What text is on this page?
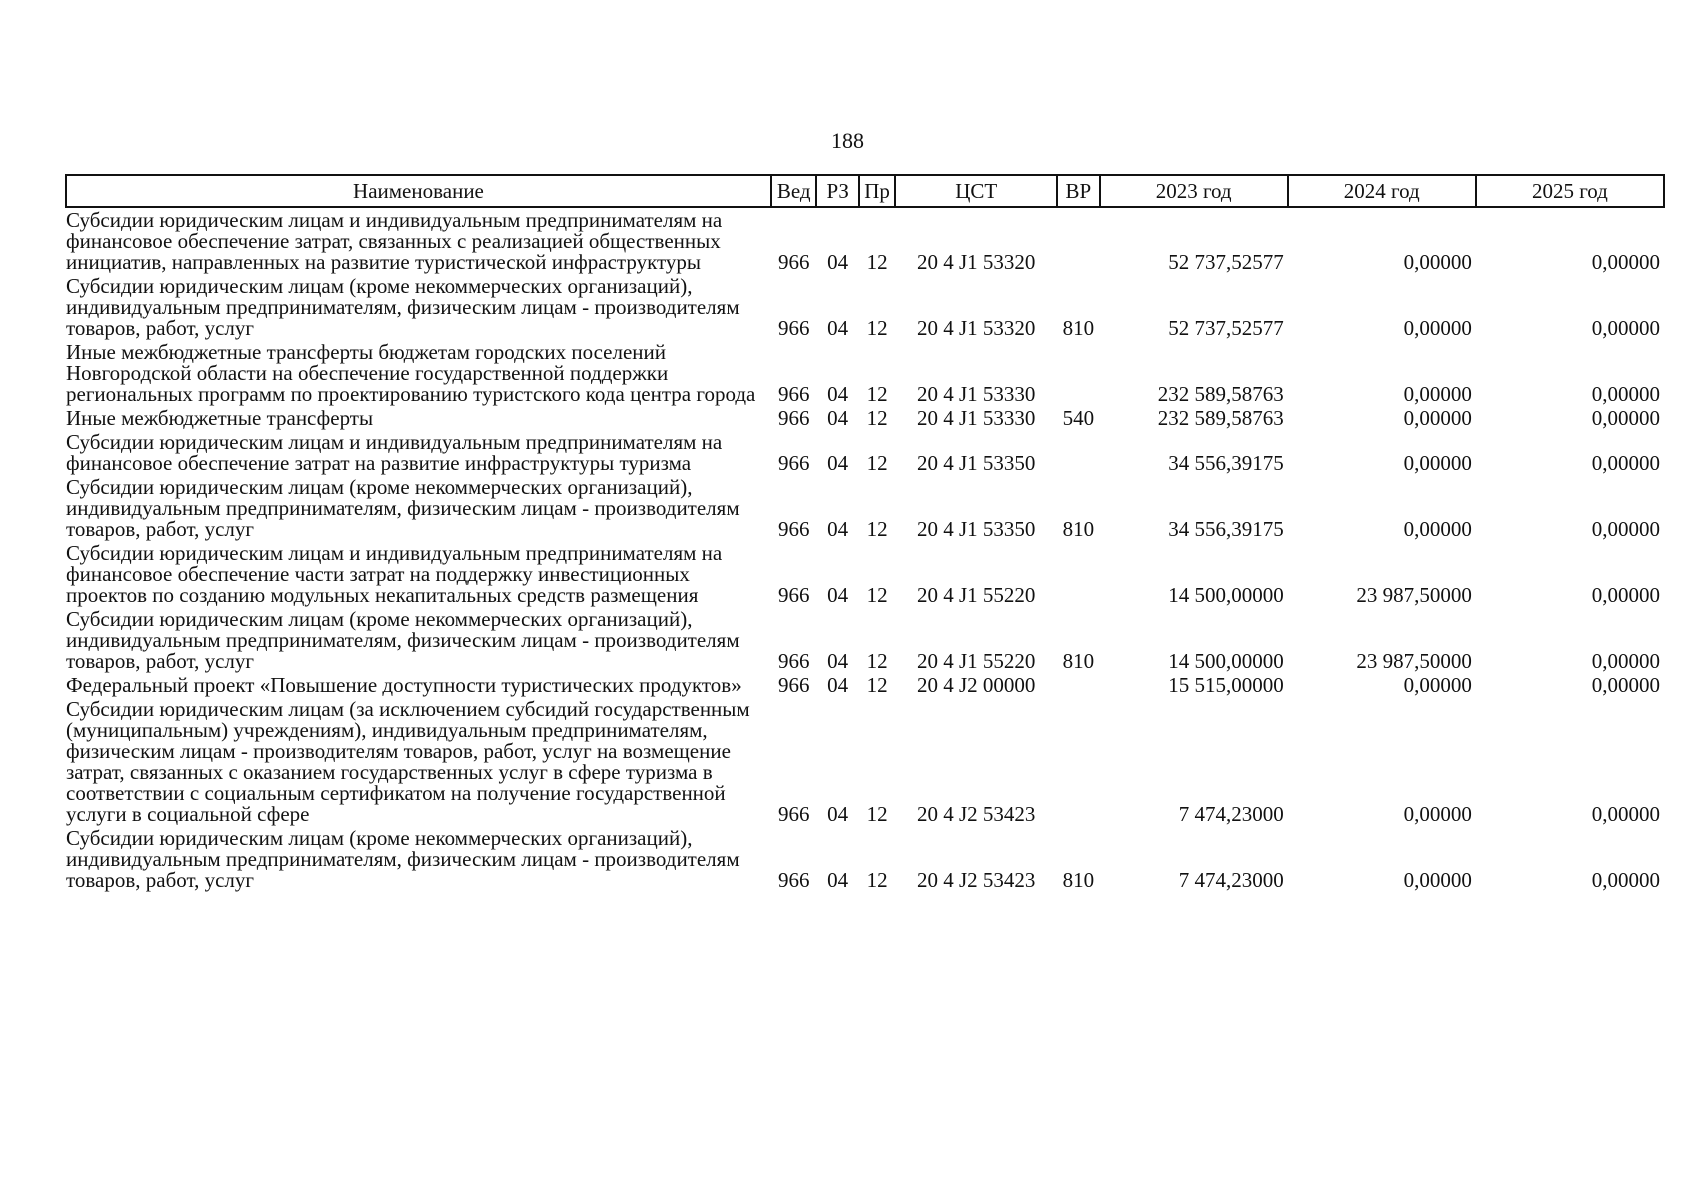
188
Наименование	Вед	РЗ	Пр	ЦСТ	ВР	2023 год	2024 год	2025 год
Субсидии юридическим лицам и индивидуальным предпринимателям на финансовое обеспечение затрат, связанных с реализацией общественных инициатив, направленных на развитие туристической инфраструктуры	966	04	12	20 4 J1 53320		52 737,52577	0,00000	0,00000
Субсидии юридическим лицам (кроме некоммерческих организаций), индивидуальным предпринимателям, физическим лицам - производителям товаров, работ, услуг	966	04	12	20 4 J1 53320	810	52 737,52577	0,00000	0,00000
Иные межбюджетные трансферты бюджетам городских поселений Новгородской области на обеспечение государственной поддержки региональных программ по проектированию туристского кода центра города	966	04	12	20 4 J1 53330		232 589,58763	0,00000	0,00000
Иные межбюджетные трансферты	966	04	12	20 4 J1 53330	540	232 589,58763	0,00000	0,00000
Субсидии юридическим лицам и индивидуальным предпринимателям на финансовое обеспечение затрат на развитие инфраструктуры туризма	966	04	12	20 4 J1 53350		34 556,39175	0,00000	0,00000
Субсидии юридическим лицам (кроме некоммерческих организаций), индивидуальным предпринимателям, физическим лицам - производителям товаров, работ, услуг	966	04	12	20 4 J1 53350	810	34 556,39175	0,00000	0,00000
Субсидии юридическим лицам и индивидуальным предпринимателям на финансовое обеспечение части затрат на поддержку инвестиционных проектов по созданию модульных некапитальных средств размещения	966	04	12	20 4 J1 55220		14 500,00000	23 987,50000	0,00000
Субсидии юридическим лицам (кроме некоммерческих организаций), индивидуальным предпринимателям, физическим лицам - производителям товаров, работ, услуг	966	04	12	20 4 J1 55220	810	14 500,00000	23 987,50000	0,00000
Федеральный проект «Повышение доступности туристических продуктов»	966	04	12	20 4 J2 00000		15 515,00000	0,00000	0,00000
Субсидии юридическим лицам (за исключением субсидий государственным (муниципальным) учреждениям), индивидуальным предпринимателям, физическим лицам - производителям товаров, работ, услуг на возмещение затрат, связанных с оказанием государственных услуг в сфере туризма в соответствии с социальным сертификатом на получение государственной услуги в социальной сфере	966	04	12	20 4 J2 53423		7 474,23000	0,00000	0,00000
Субсидии юридическим лицам (кроме некоммерческих организаций), индивидуальным предпринимателям, физическим лицам - производителям товаров, работ, услуг	966	04	12	20 4 J2 53423	810	7 474,23000	0,00000	0,00000
